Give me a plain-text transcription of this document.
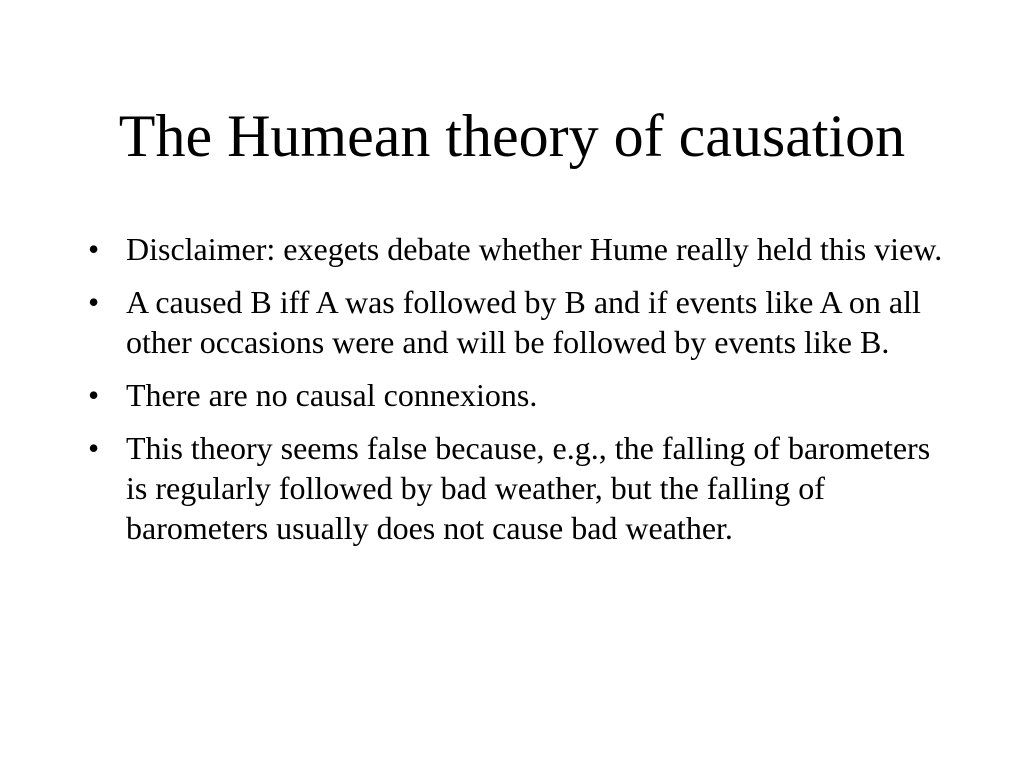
The Humean theory of causation
• Disclaimer: exegets debate whether Hume really held this view.
• A caused B iff A was followed by B and if events like A on all other occasions were and will be followed by events like B.
• There are no causal connexions.
• This theory seems false because, e.g., the falling of barometers is regularly followed by bad weather, but the falling of barometers usually does not cause bad weather.
